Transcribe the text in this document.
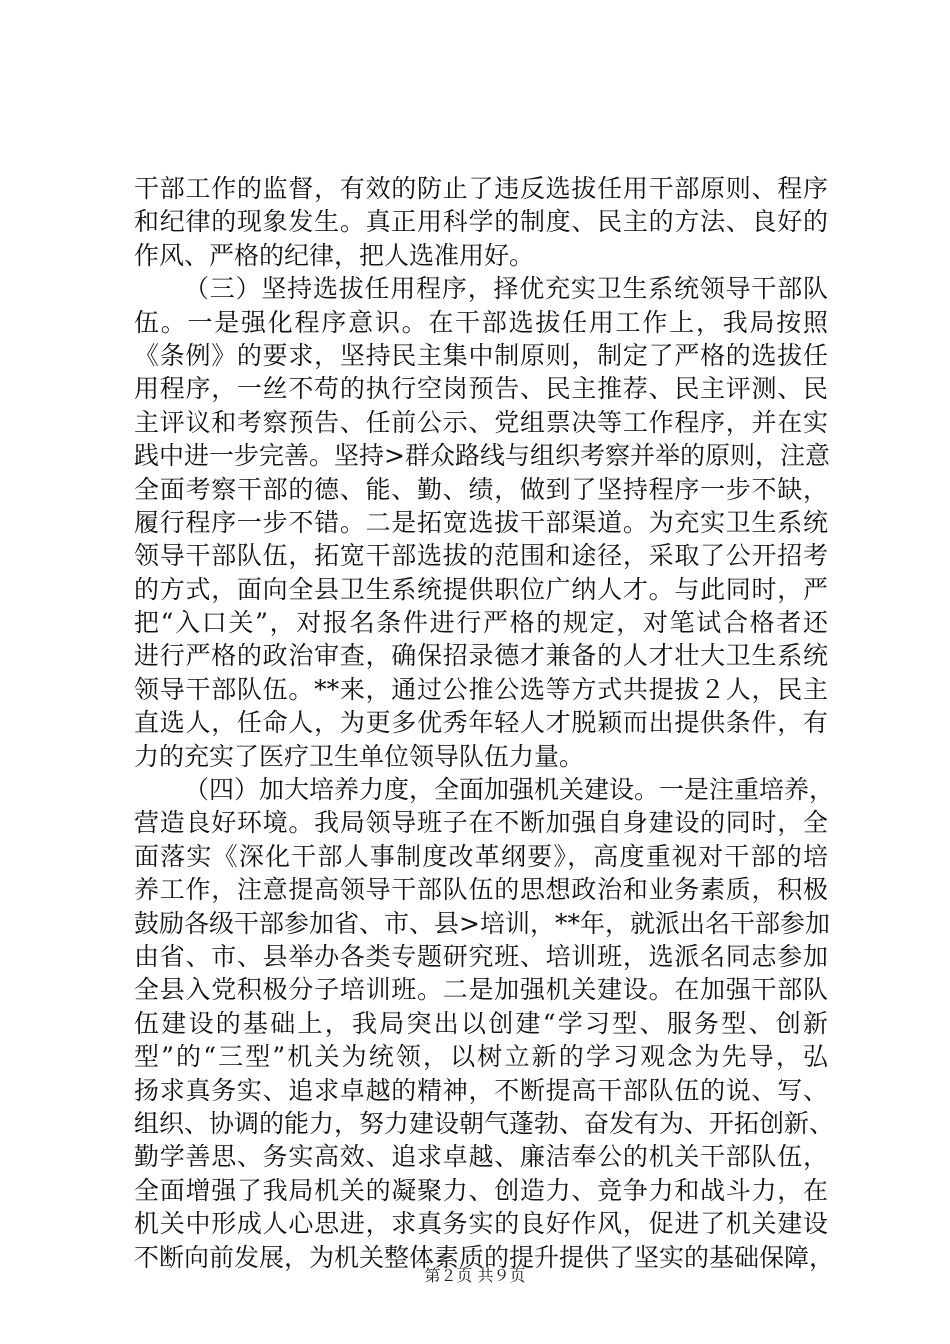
干部工作的监督，有效的防止了违反选拔任用干部原则、程序
和纪律的现象发生。真正用科学的制度、民主的方法、良好的
作风、严格的纪律，把人选准用好。
（三）坚持选拔任用程序，择优充实卫生系统领导干部队
伍。一是强化程序意识。在干部选拔任用工作上，我局按照
《条例》的要求，坚持民主集中制原则，制定了严格的选拔任
用程序，一丝不苟的执行空岗预告、民主推荐、民主评测、民
主评议和考察预告、任前公示、党组票决等工作程序，并在实
践中进一步完善。坚持>群众路线与组织考察并举的原则，注意
全面考察干部的德、能、勤、绩，做到了坚持程序一步不缺，
履行程序一步不错。二是拓宽选拔干部渠道。为充实卫生系统
领导干部队伍，拓宽干部选拔的范围和途径，采取了公开招考
的方式，面向全县卫生系统提供职位广纳人才。与此同时，严
把“入口关”，对报名条件进行严格的规定，对笔试合格者还
进行严格的政治审查，确保招录德才兼备的人才壮大卫生系统
领导干部队伍。**来，通过公推公选等方式共提拔２人，民主
直选人，任命人，为更多优秀年轻人才脱颖而出提供条件，有
力的充实了医疗卫生单位领导队伍力量。
（四）加大培养力度，全面加强机关建设。一是注重培养，
营造良好环境。我局领导班子在不断加强自身建设的同时，全
面落实《深化干部人事制度改革纲要》，高度重视对干部的培
养工作，注意提高领导干部队伍的思想政治和业务素质，积极
鼓励各级干部参加省、市、县>培训，**年，就派出名干部参加
由省、市、县举办各类专题研究班、培训班，选派名同志参加
全县入党积极分子培训班。二是加强机关建设。在加强干部队
伍建设的基础上，我局突出以创建“学习型、服务型、创新
型”的“三型”机关为统领，以树立新的学习观念为先导，弘
扬求真务实、追求卓越的精神，不断提高干部队伍的说、写、
组织、协调的能力，努力建设朝气蓬勃、奋发有为、开拓创新、
勤学善思、务实高效、追求卓越、廉洁奉公的机关干部队伍，
全面增强了我局机关的凝聚力、创造力、竞争力和战斗力，在
机关中形成人心思进，求真务实的良好作风，促进了机关建设
不断向前发展，为机关整体素质的提升提供了坚实的基础保障，
第２页 共９页
